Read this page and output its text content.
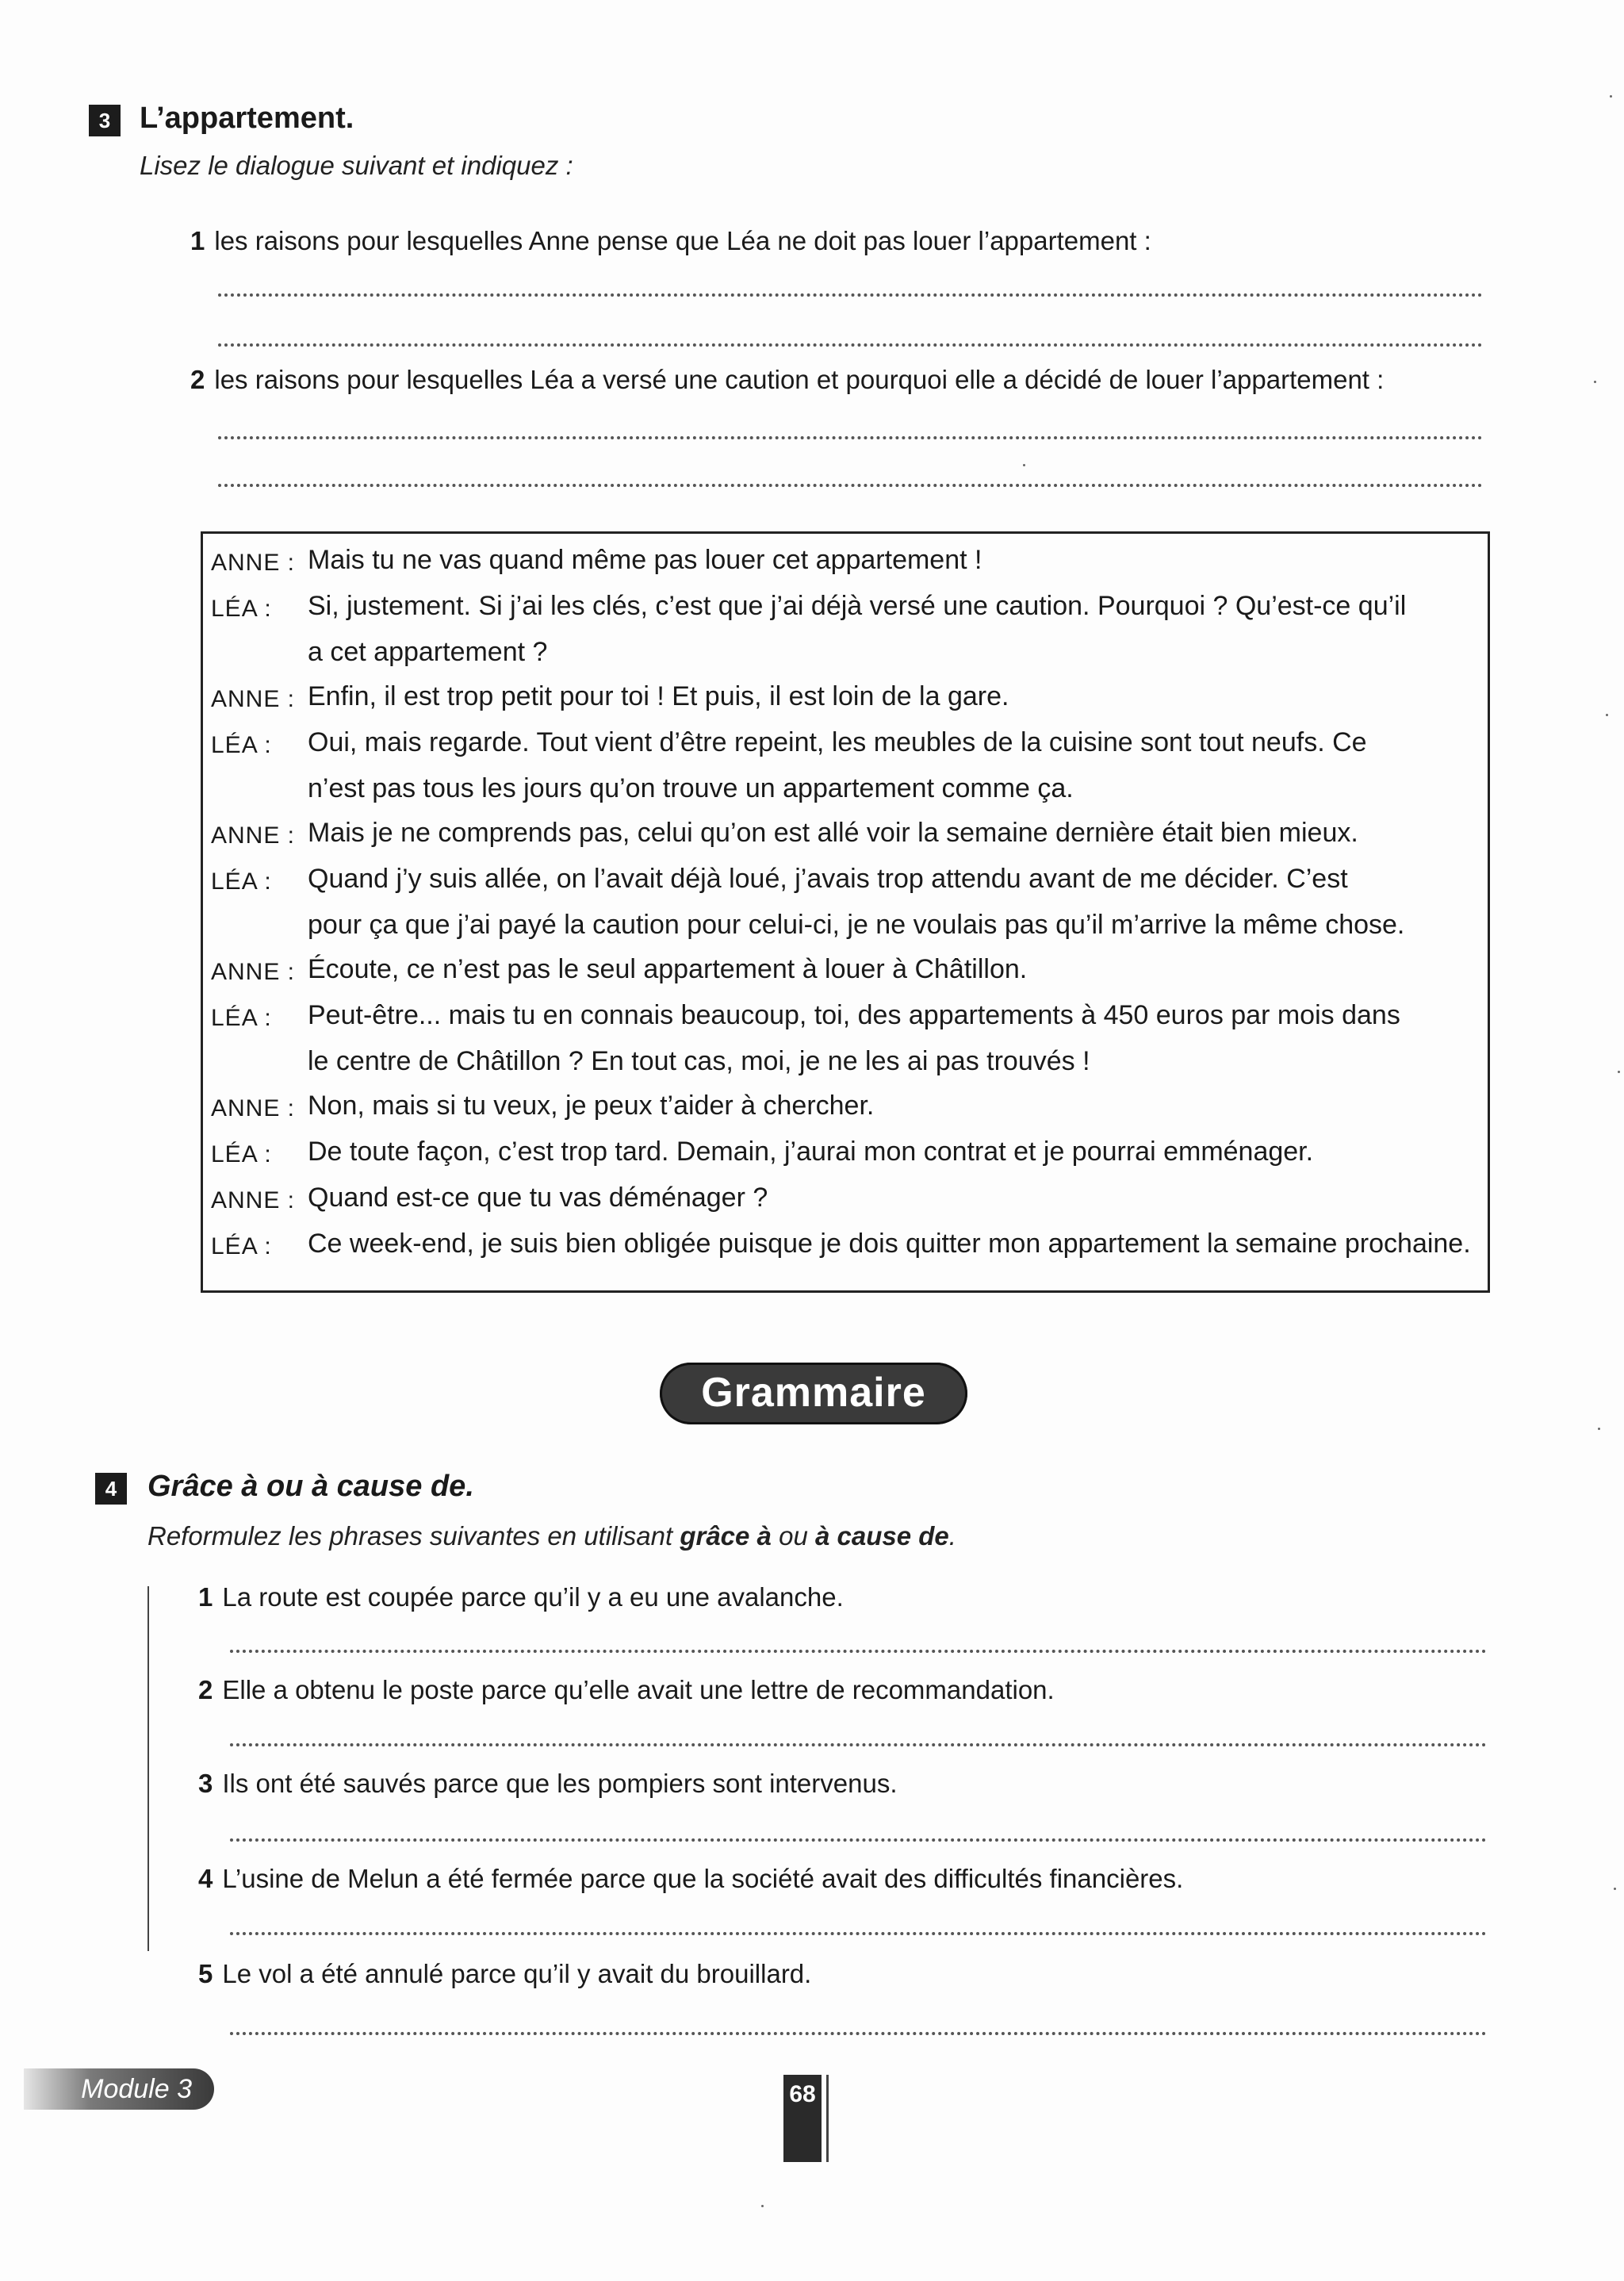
3 L’appartement.
Lisez le dialogue suivant et indiquez :
1 les raisons pour lesquelles Anne pense que Léa ne doit pas louer l’appartement :
2 les raisons pour lesquelles Léa a versé une caution et pourquoi elle a décidé de louer l’appartement :
ANNE : Mais tu ne vas quand même pas louer cet appartement !
LÉA : Si, justement. Si j’ai les clés, c’est que j’ai déjà versé une caution. Pourquoi ? Qu’est-ce qu’il
a cet appartement ?
ANNE : Enfin, il est trop petit pour toi ! Et puis, il est loin de la gare.
LÉA : Oui, mais regarde. Tout vient d’être repeint, les meubles de la cuisine sont tout neufs. Ce
n’est pas tous les jours qu’on trouve un appartement comme ça.
ANNE : Mais je ne comprends pas, celui qu’on est allé voir la semaine dernière était bien mieux.
LÉA : Quand j’y suis allée, on l’avait déjà loué, j’avais trop attendu avant de me décider. C’est
pour ça que j’ai payé la caution pour celui-ci, je ne voulais pas qu’il m’arrive la même chose.
ANNE : Écoute, ce n’est pas le seul appartement à louer à Châtillon.
LÉA : Peut-être... mais tu en connais beaucoup, toi, des appartements à 450 euros par mois dans
le centre de Châtillon ? En tout cas, moi, je ne les ai pas trouvés !
ANNE : Non, mais si tu veux, je peux t’aider à chercher.
LÉA : De toute façon, c’est trop tard. Demain, j’aurai mon contrat et je pourrai emménager.
ANNE : Quand est-ce que tu vas déménager ?
LÉA : Ce week-end, je suis bien obligée puisque je dois quitter mon appartement la semaine prochaine.
Grammaire
4	Grâce à ou à cause de.
Reformulez les phrases suivantes en utilisant grâce à ou à cause de.
1 La route est coupée parce qu’il y a eu une avalanche.
2 Elle a obtenu le poste parce qu’elle avait une lettre de recommandation.
3 Ils ont été sauvés parce que les pompiers sont intervenus.
4 L’usine de Melun a été fermée parce que la société avait des difficultés financières.
5 Le vol a été annulé parce qu’il y avait du brouillard.
Module 3	68
